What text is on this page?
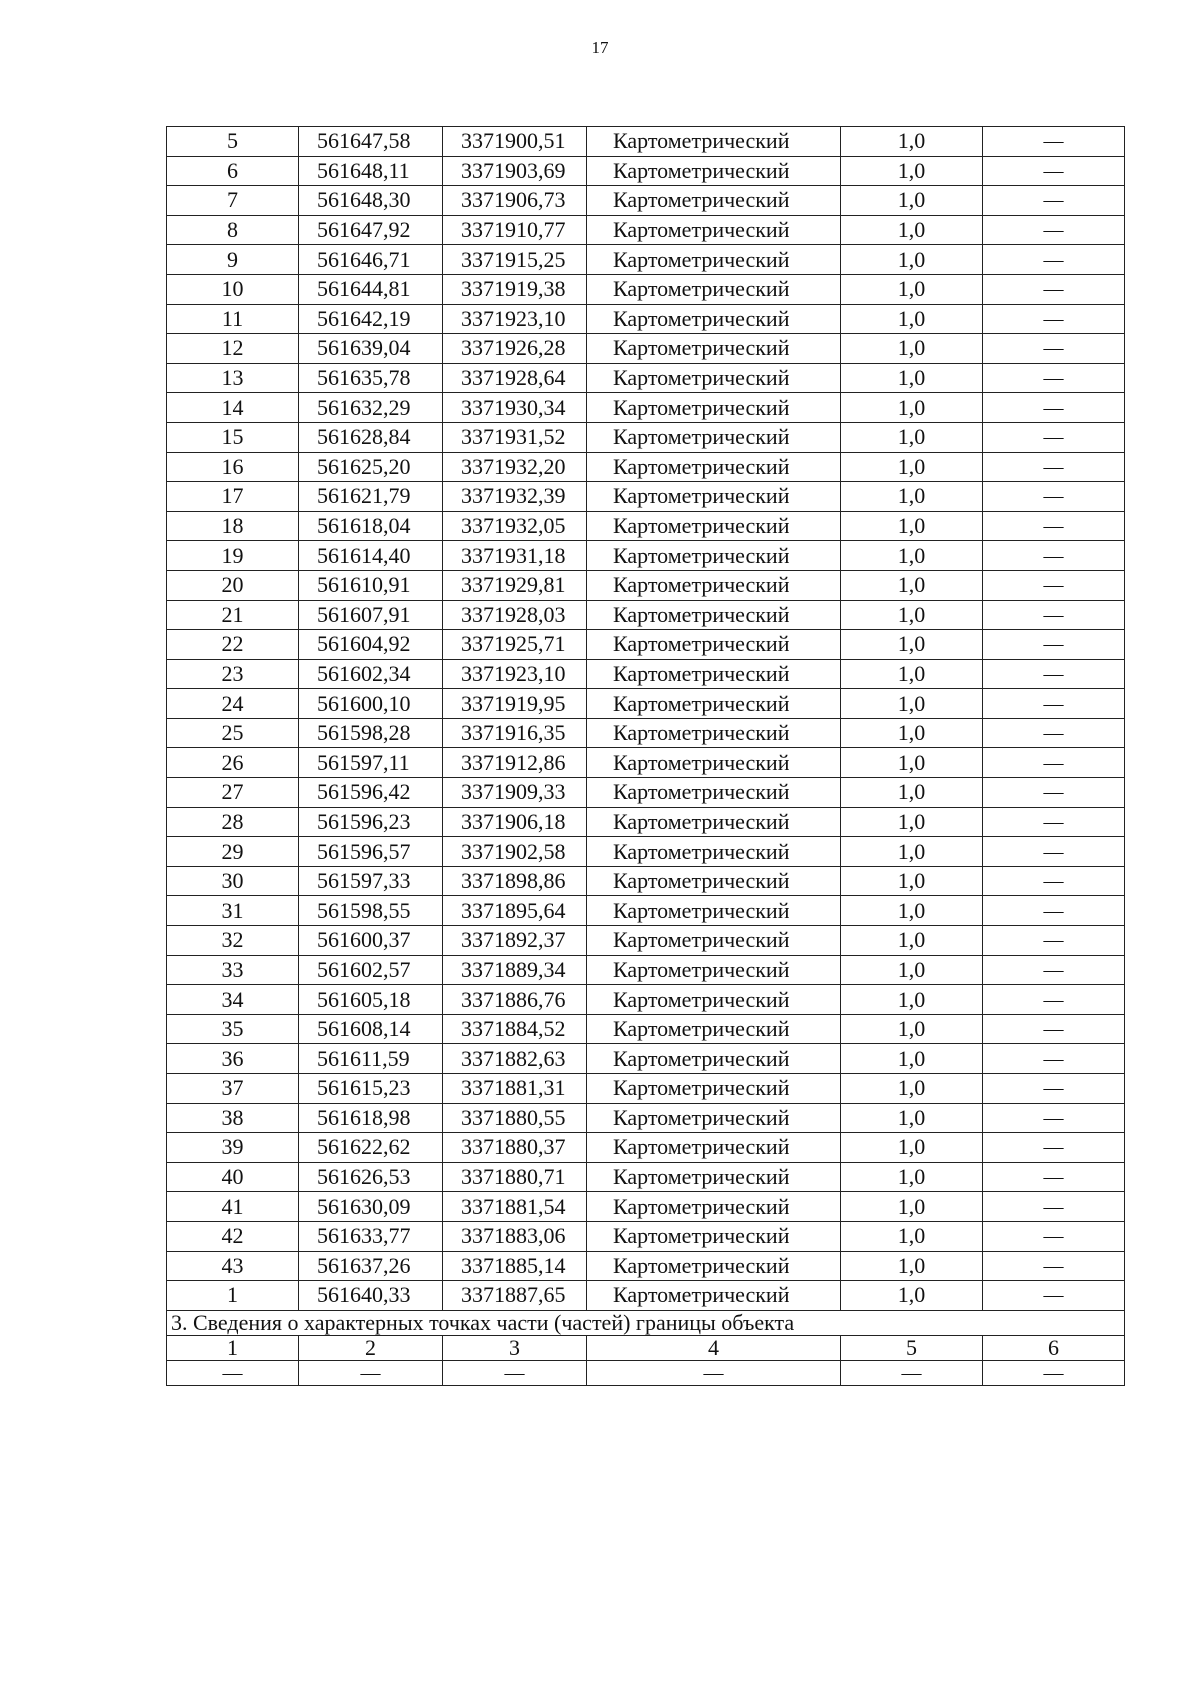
17
5	561647,58	3371900,51	Картометрический	1,0	—
6	561648,11	3371903,69	Картометрический	1,0	—
7	561648,30	3371906,73	Картометрический	1,0	—
8	561647,92	3371910,77	Картометрический	1,0	—
9	561646,71	3371915,25	Картометрический	1,0	—
10	561644,81	3371919,38	Картометрический	1,0	—
11	561642,19	3371923,10	Картометрический	1,0	—
12	561639,04	3371926,28	Картометрический	1,0	—
13	561635,78	3371928,64	Картометрический	1,0	—
14	561632,29	3371930,34	Картометрический	1,0	—
15	561628,84	3371931,52	Картометрический	1,0	—
16	561625,20	3371932,20	Картометрический	1,0	—
17	561621,79	3371932,39	Картометрический	1,0	—
18	561618,04	3371932,05	Картометрический	1,0	—
19	561614,40	3371931,18	Картометрический	1,0	—
20	561610,91	3371929,81	Картометрический	1,0	—
21	561607,91	3371928,03	Картометрический	1,0	—
22	561604,92	3371925,71	Картометрический	1,0	—
23	561602,34	3371923,10	Картометрический	1,0	—
24	561600,10	3371919,95	Картометрический	1,0	—
25	561598,28	3371916,35	Картометрический	1,0	—
26	561597,11	3371912,86	Картометрический	1,0	—
27	561596,42	3371909,33	Картометрический	1,0	—
28	561596,23	3371906,18	Картометрический	1,0	—
29	561596,57	3371902,58	Картометрический	1,0	—
30	561597,33	3371898,86	Картометрический	1,0	—
31	561598,55	3371895,64	Картометрический	1,0	—
32	561600,37	3371892,37	Картометрический	1,0	—
33	561602,57	3371889,34	Картометрический	1,0	—
34	561605,18	3371886,76	Картометрический	1,0	—
35	561608,14	3371884,52	Картометрический	1,0	—
36	561611,59	3371882,63	Картометрический	1,0	—
37	561615,23	3371881,31	Картометрический	1,0	—
38	561618,98	3371880,55	Картометрический	1,0	—
39	561622,62	3371880,37	Картометрический	1,0	—
40	561626,53	3371880,71	Картометрический	1,0	—
41	561630,09	3371881,54	Картометрический	1,0	—
42	561633,77	3371883,06	Картометрический	1,0	—
43	561637,26	3371885,14	Картометрический	1,0	—
1	561640,33	3371887,65	Картометрический	1,0	—
3. Сведения о характерных точках части (частей) границы объекта					
1	2	3	4	5	6
—	—	—	—	—	—
